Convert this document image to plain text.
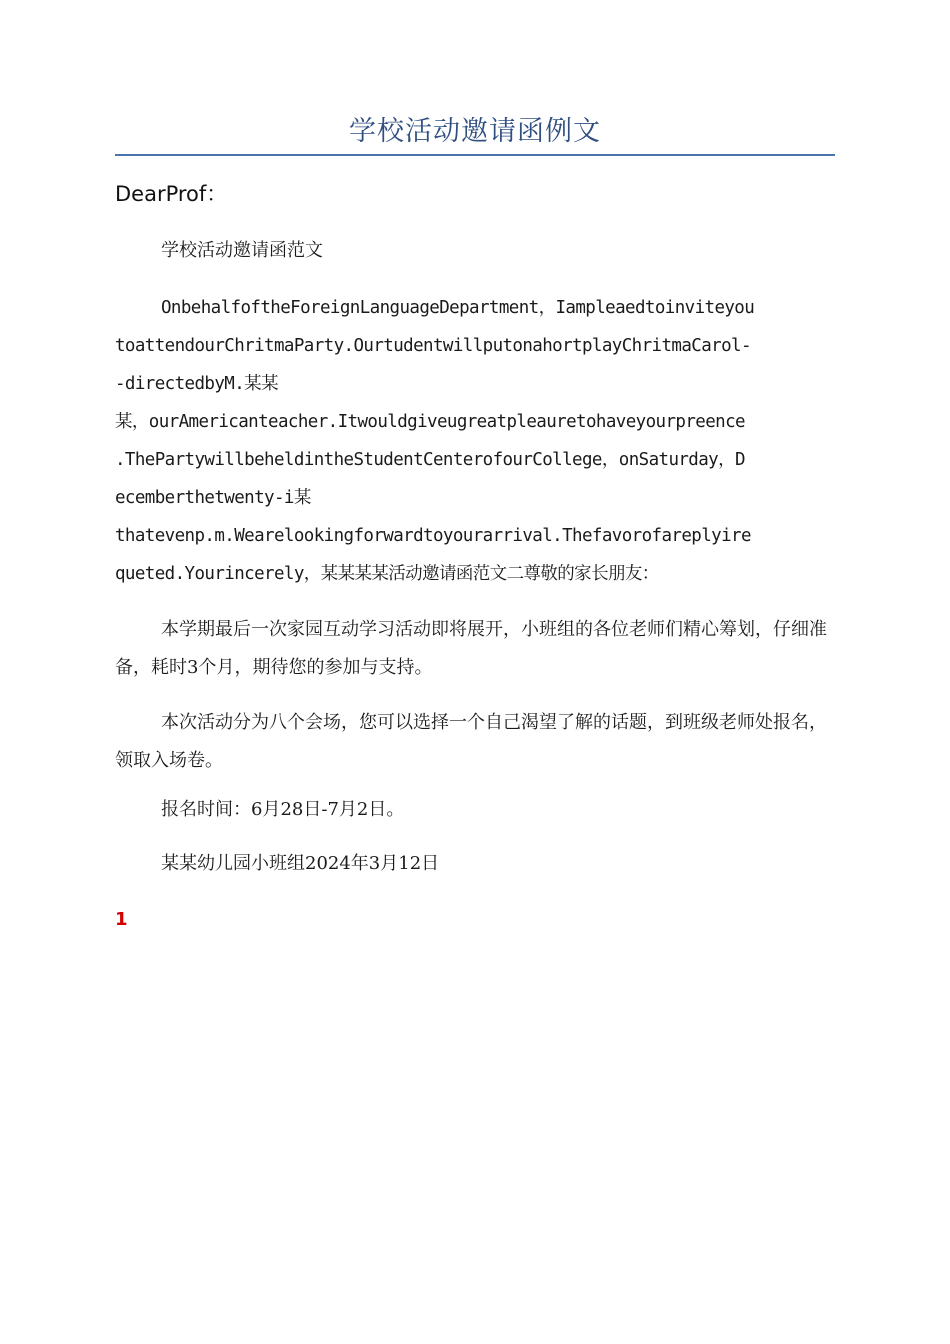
学校活动邀请函例文
DearProf：
学校活动邀请函范文
OnbehalfoftheForeignLanguageDepartment，Iampleaedtoinviteyou
toattendourChritmaParty.OurtudentwillputonahortplayChritmaCarol-
-directedbyM.某某
某，ourAmericanteacher.Itwouldgiveugreatpleauretohaveyourpreence
.ThePartywillbeheldintheStudentCenterofourCollege，onSaturday，D
ecemberthetwenty-i某
thatevenp.m.Wearelookingforwardtoyourarrival.Thefavorofareplyire
queted.Yourincerely，某某某某活动邀请函范文二尊敬的家长朋友：
本学期最后一次家园互动学习活动即将展开，小班组的各位老师们精心筹划，仔细准备，耗时3个月，期待您的参加与支持。
本次活动分为八个会场，您可以选择一个自己渴望了解的话题，到班级老师处报名，领取入场卷。
报名时间：6月28日-7月2日。
某某幼儿园小班组2024年3月12日
1
